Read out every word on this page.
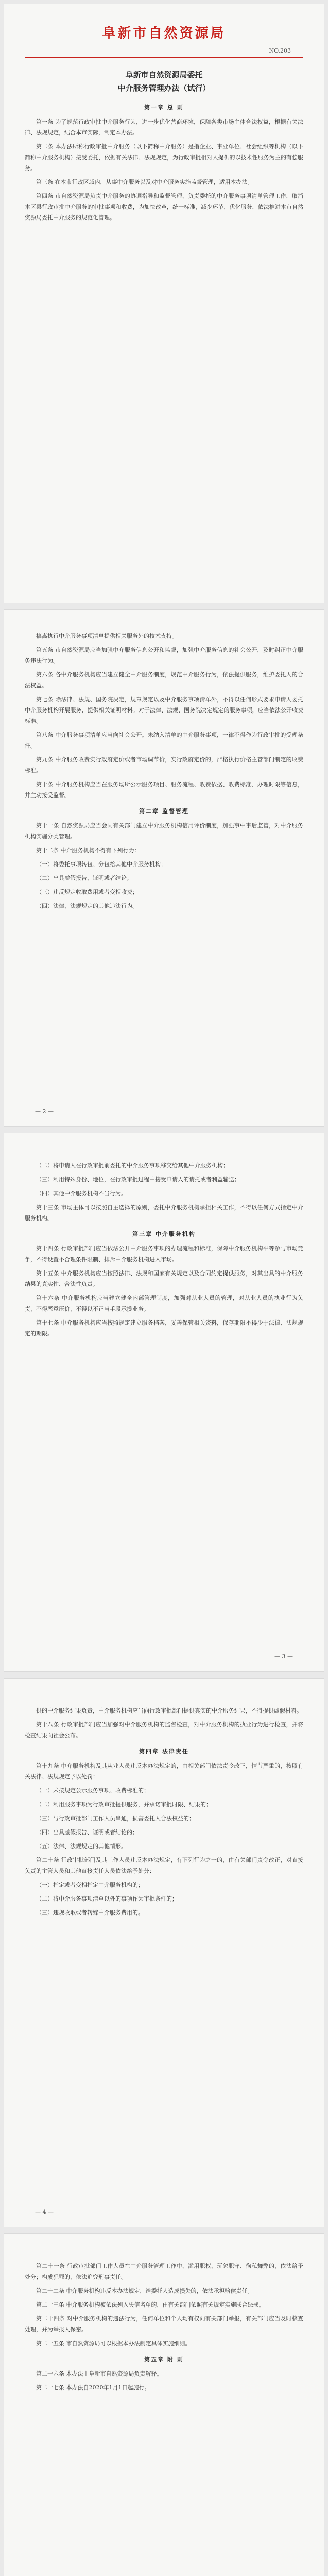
阜新市自然资源局
NO.203
阜新市自然资源局委托
中介服务管理办法（试行）
第一章 总 则

第一条 为了规范行政审批中介服务行为，进一步优化营商环境，保障各类市场主体合法权益，根据有关法律、法规规定，结合本市实际，制定本办法。

第二条 本办法所称行政审批中介服务（以下简称中介服务）是指企业、事业单位、社会组织等机构（以下简称中介服务机构）接受委托，依据有关法律、法规规定，为行政审批相对人提供的以技术性服务为主的有偿服务。

第三条 在本市行政区域内，从事中介服务以及对中介服务实施监督管理，适用本办法。

第四条 市自然资源局负责中介服务的协调指导和监督管理，负责委托的中介服务事项清单管理工作，取消本区县行政审批中介服务的审批事项和收费，为加快改革，统一标准，减少环节，优化服务，依法推进本市自然资源局委托中介服务的规范化管理。

搞离执行中介服务事项清单提供相关服务外的技术支持。

第五条 市自然资源局应当加强中介服务信息公开和监督，加强中介服务信息的社会公开，及时纠正中介服务违法行为。

第六条 各中介服务机构应当建立健全中介服务制度，规范中介服务行为，依法提供服务，维护委托人的合法权益。

第七条 除法律、法规、国务院决定，规章规定以及中介服务事项清单外，不得以任何形式要求申请人委托中介服务机构开展服务，提供相关证明材料。对于法律、法规、国务院决定规定的服务事项，应当依法公开收费标准。

第八条 中介服务事项清单应当向社会公开。未纳入清单的中介服务事项，一律不得作为行政审批的受理条件。

第九条 中介服务收费实行政府定价或者市场调节价，实行政府定价的，严格执行价格主管部门制定的收费标准。

第十条 中介服务机构应当在服务场所公示服务项目、服务流程、收费依据、收费标准、办理时限等信息，并主动接受监督。

第二章 监督管理

第十一条 自然资源局应当会同有关部门建立中介服务机构信用评价制度，加强事中事后监管，对中介服务机构实施分类管理。

第十二条 中介服务机构不得有下列行为：

（一）将委托事项转包、分包给其他中介服务机构；

（二）出具虚假报告、证明或者结论；

（三）违反规定收取费用或者变相收费；

（四）法律、法规规定的其他违法行为。

— 2 —

（二）将申请人在行政审批前委托的中介服务事项移交给其他中介服务机构；

（三）利用特殊身份、地位，在行政审批过程中接受申请人的请托或者利益输送；

（四）其他中介服务机构不当行为。

第十三条 市场主体可以按照自主选择的原则，委托中介服务机构承担相关工作，不得以任何方式指定中介服务机构。

第三章 中介服务机构

第十四条 行政审批部门应当依法公开中介服务事项的办理流程和标准，保障中介服务机构平等参与市场竞争，不得设置不合理条件限制、排斥中介服务机构进入市场。

第十五条 中介服务机构应当按照法律、法规和国家有关规定以及合同约定提供服务，对其出具的中介服务结果的真实性、合法性负责。

第十六条 中介服务机构应当建立健全内部管理制度，加强对从业人员的管理，对从业人员的执业行为负责，不得恶意压价，不得以不正当手段承揽业务。

第十七条 中介服务机构应当按照规定建立服务档案，妥善保管相关资料，保存期限不得少于法律、法规规定的期限。

— 3 —

供的中介服务结果负责，中介服务机构应当向行政审批部门提供真实的中介服务结果，不得提供虚假材料。

第十八条 行政审批部门应当加强对中介服务机构的监督检查，对中介服务机构的执业行为进行检查，并将检查结果向社会公布。

第四章 法律责任

第十九条 中介服务机构及其从业人员违反本办法规定的，由相关部门依法责令改正，情节严重的，按照有关法律、法规规定予以处罚：

（一）未按规定公示服务事项、收费标准的；

（二）利用服务事项为行政审批提供服务，并承诺审批时限、结果的；

（三）与行政审批部门工作人员串通，损害委托人合法权益的；

（四）出具虚假报告、证明或者结论的；

（五）法律、法规规定的其他情形。

第二十条 行政审批部门及其工作人员违反本办法规定，有下列行为之一的，由有关部门责令改正，对直接负责的主管人员和其他直接责任人员依法给予处分：

（一）指定或者变相指定中介服务机构的；

（二）将中介服务事项清单以外的事项作为审批条件的；

（三）违规收取或者转嫁中介服务费用的。

— 4 —

第二十一条 行政审批部门工作人员在中介服务管理工作中，滥用职权、玩忽职守、徇私舞弊的，依法给予处分；构成犯罪的，依法追究刑事责任。

第二十二条 中介服务机构违反本办法规定，给委托人造成损失的，依法承担赔偿责任。

第二十三条 中介服务机构被依法列入失信名单的，由有关部门依照有关规定实施联合惩戒。

第二十四条 对中介服务机构的违法行为，任何单位和个人均有权向有关部门举报，有关部门应当及时核查处理，并为举报人保密。

第二十五条 市自然资源局可以根据本办法制定具体实施细则。

第五章 附 则

第二十六条 本办法由阜新市自然资源局负责解释。

第二十七条 本办法自2020年1月1日起施行。
